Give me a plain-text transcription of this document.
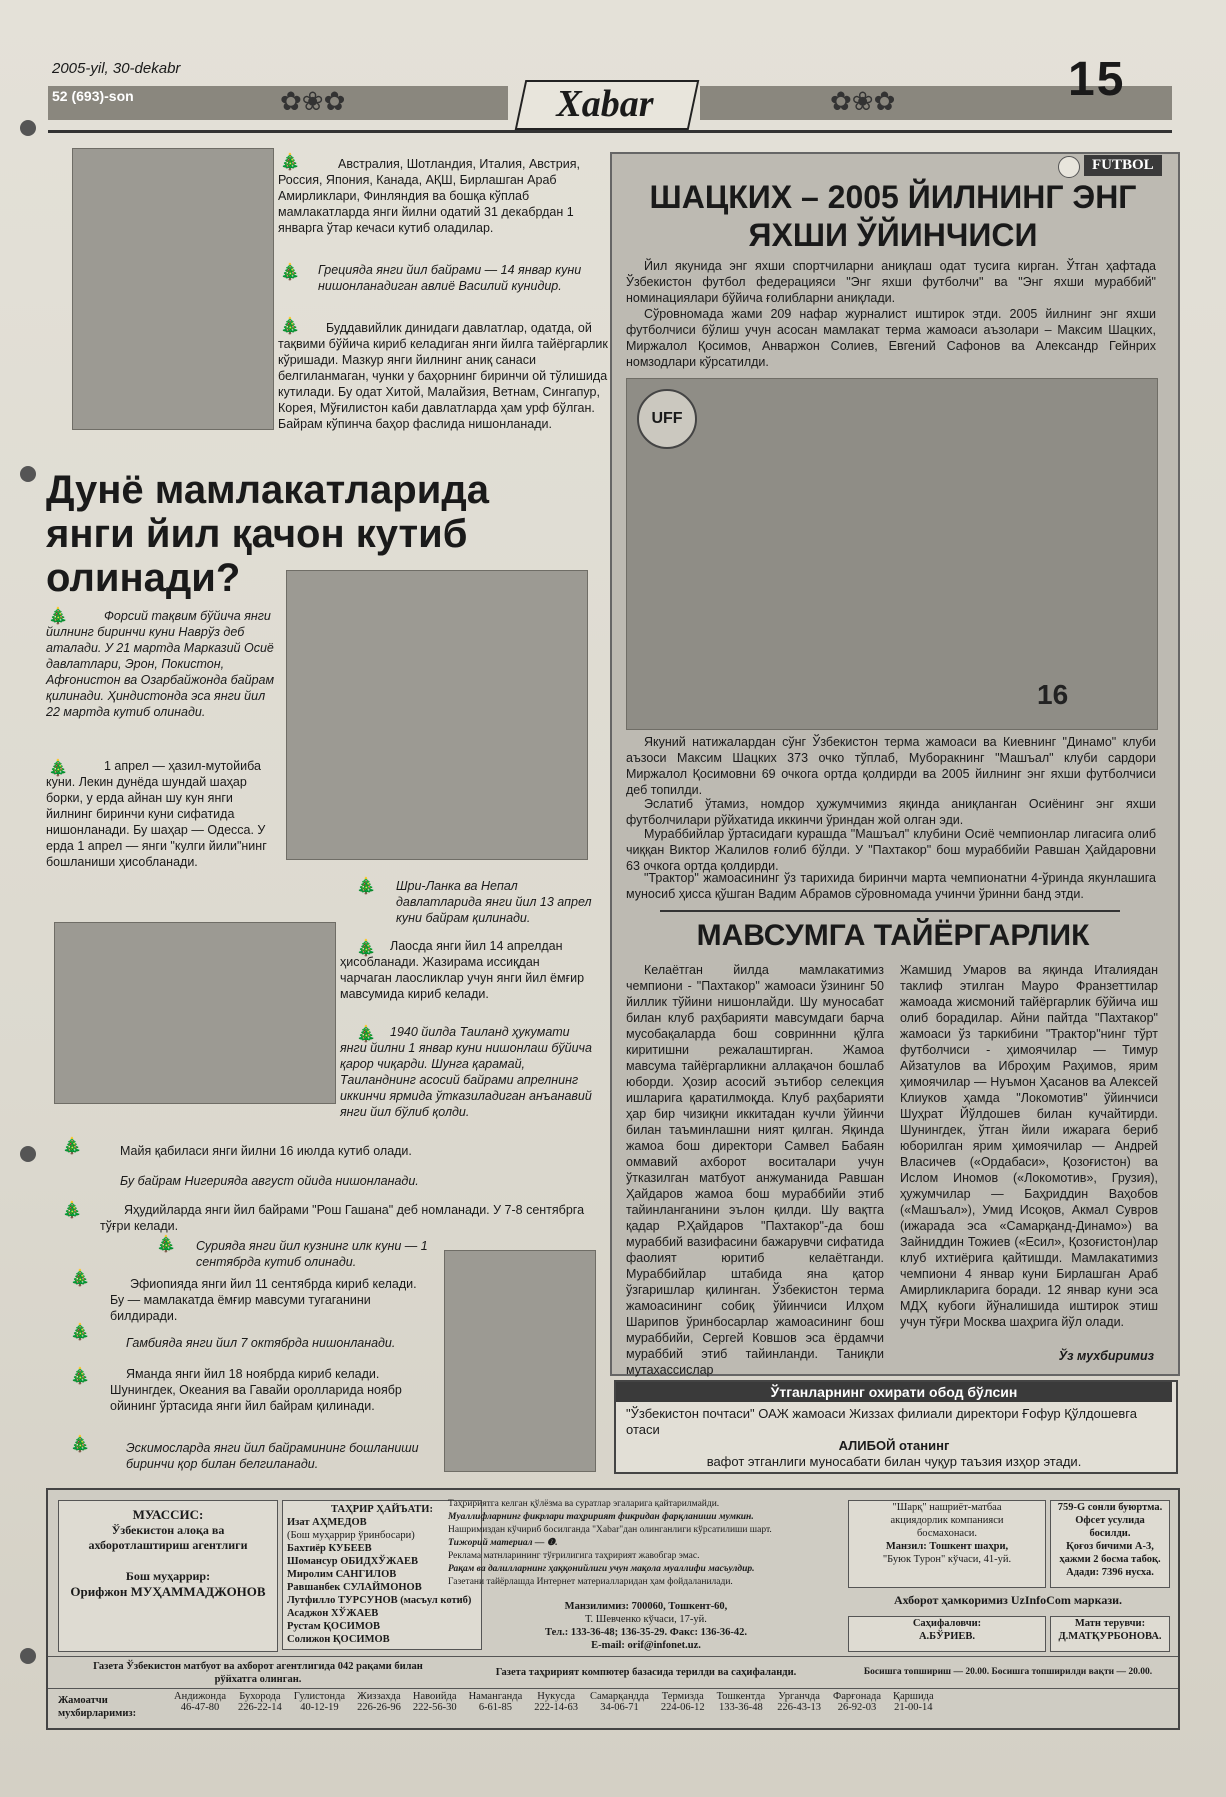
✿❀✿	✿❀✿
2005-yil, 30-dekabr
52 (693)-son	Xabar	15
🎄	Австралия, Шотландия, Италия, Австрия, Россия, Япония, Канада, АҚШ, Бирлашган Араб Амирликлари, Финляндия ва бошқа кўплаб мамлакатларда янги йилни одатий 31 декабрдан 1 январга ўтар кечаси кутиб оладилар.
🎄	Грецияда янги йил байрами — 14 январ куни нишонланадиган авлиё Василий кунидир.
🎄	Буддавийлик динидаги давлатлар, одатда, ой тақвими бўйича кириб келадиган янги йилга тайёргарлик кўришади. Мазкур янги йилнинг аниқ санаси белгиланмаган, чунки у баҳорнинг биринчи ой тўлишида кутилади. Бу одат Хитой, Малайзия, Ветнам, Сингапур, Корея, Мўғилистон каби давлатларда ҳам урф бўлган. Байрам кўпинча баҳор фаслида нишонланади.
Дунё мамлакатларида янги йил қачон кутиб олинади?
🎄	Форсий тақвим бўйича янги йилнинг биринчи куни Наврўз деб аталади. У 21 мартда Марказий Осиё давлатлари, Эрон, Покистон, Афғонистон ва Озарбайжонда байрам қилинади. Ҳиндистонда эса янги йил 22 мартда кутиб олинади.
🎄	1 апрел — ҳазил-мутойиба куни. Лекин дунёда шундай шаҳар борки, у ерда айнан шу кун янги йилнинг биринчи куни сифатида нишонланади. Бу шаҳар — Одесса. У ерда 1 апрел — янги "кулги йили"нинг бошланиши ҳисобланади.
🎄	Шри-Ланка ва Непал давлатларида янги йил 13 апрел куни байрам қилинади.
🎄	Лаосда янги йил 14 апрелдан ҳисобланади. Жазирама иссиқдан чарчаган лаосликлар учун янги йил ёмғир мавсумида кириб келади.
🎄	1940 йилда Таиланд ҳукумати янги йилни 1 январ куни нишонлаш бўйича қарор чиқарди. Шунга қарамай, Таиланднинг асосий байрами апрелнинг иккинчи ярмида ўтказиладиган анъанавий янги йил бўлиб қолди.
🎄	Майя қабиласи янги йилни 16 июлда кутиб олади.
Бу байрам Нигерияда август ойида нишонланади.
🎄	Яҳудийларда янги йил байрами "Рош Гашана" деб номланади. У 7-8 сентябрга тўғри келади.
🎄	Сурияда янги йил кузнинг илк куни — 1 сентябрда кутиб олинади.
🎄	Эфиопияда янги йил 11 сентябрда кириб келади. Бу — мамлакатда ёмғир мавсуми тугаганини билдиради.
🎄
Гамбияда янги йил 7 октябрда нишонланади.
🎄	Ямандa янги йил 18 ноябрда кириб келади. Шунингдек, Океания ва Гавайи оролларида ноябр ойининг ўртасида янги йил байрам қилинади.
🎄	Эскимосларда янги йил байрамининг бошланиши биринчи қор билан белгиланади.
FUTBOL
ШАЦКИХ – 2005 ЙИЛНИНГ ЭНГ ЯХШИ ЎЙИНЧИСИ
Йил якунида энг яхши спортчиларни аниқлаш одат тусига кирган. Ўтган ҳафтада Ўзбекистон футбол федерацияси "Энг яхши футболчи" ва "Энг яхши мураббий" номинациялари бўйича ғолибларни аниқлади.
Сўровномада жами 209 нафар журналист иштирок этди. 2005 йилнинг энг яхши футболчиси бўлиш учун асосан мамлакат терма жамоаси аъзолари – Максим Шацких, Миржалол Қосимов, Анваржон Солиев, Евгений Сафонов ва Александр Гейнрих номзодлари кўрсатилди.
UFF
16
Якуний натижалардан сўнг Ўзбекистон терма жамоаси ва Киевнинг "Динамо" клуби аъзоси Максим Шацких 373 очко тўплаб, Муборакнинг "Машъал" клуби сардори Миржалол Қосимовни 69 очкога ортда қолдирди ва 2005 йилнинг энг яхши футболчиси деб топилди.
Эслатиб ўтамиз, номдор ҳужумчимиз яқинда аниқланган Осиёнинг энг яхши футболчилари рўйхатида иккинчи ўриндан жой олган эди.
Мураббийлар ўртасидаги курашда "Машъал" клубини Осиё чемпионлар лигасига олиб чиққан Виктор Жалилов ғолиб бўлди. У "Пахтакор" бош мураббийи Равшан Ҳайдаровни 63 очкога ортда қолдирди.
"Трактор" жамоасининг ўз тарихида биринчи марта чемпионатни 4-ўринда якунлашига муносиб ҳисса қўшган Вадим Абрамов сўровномада учинчи ўринни банд этди.
МАВСУМГА ТАЙЁРГАРЛИК
Келаётган йилда мамлакатимиз чемпиони - "Пахтакор" жамоаси ўзининг 50 йиллик тўйини нишонлайди. Шу муносабат билан клуб раҳбарияти мавсумдаги барча мусобақаларда бош совриннни қўлга киритишни режалаштирган. Жамоа мавсума тайёргарликни аллақачон бошлаб юборди. Ҳозир асосий эътибор селекция ишларига қаратилмоқда. Клуб раҳбарияти ҳар бир чизиқни иккитадан кучли ўйинчи билан таъминлашни ният қилган. Яқинда жамоа бош директори Самвел Бабаян оммавий ахборот воситалари учун ўтказилган матбуот анжуманида Равшан Ҳайдаров жамоа бош мураббийи этиб тайинланганини эълон қилди. Шу вақтга қадар Р.Ҳайдаров "Пахтакор"-да бош мураббий вазифасини бажарувчи сифатида фаолият юритиб келаётганди. Мураббийлар штабида яна қатор ўзгаришлар қилинган. Ўзбекистон терма жамоасининг собиқ ўйинчиси Илҳом Шарипов ўринбосарлар жамоасининг бош мураббийи, Сергей Ковшов эса ёрдамчи мураббий этиб тайинланди. Таниқли мутахассислар
Жамшид Умаров ва яқинда Италиядан таклиф этилган Мауро Франзеттилар жамоада жисмоний тайёргарлик бўйича иш олиб борадилар. Айни пайтда "Пахтакор" жамоаси ўз таркибини "Трактор"нинг тўрт футболчиси - ҳимоячилар — Тимур Айзатулов ва Иброҳим Раҳимов, ярим ҳимоячилар — Нуъмон Ҳасанов ва Алексей Клиуков ҳамда "Локомотив" ўйинчиси Шуҳрат Йўлдошев билан кучайтирди. Шунингдек, ўтган йили ижарага бериб юборилган ярим ҳимоячилар — Андрей Власичев («Ордабаси», Қозоғистон) ва Ислом Иномов («Локомотив», Грузия), ҳужумчилар — Баҳриддин Ваҳобов («Машъал»), Умид Исоқов, Акмал Сувров (ижарада эса «Самарқанд-Динамо») ва Зайниддин Тожиев («Есил», Қозоғистон)лар клуб ихтиёрига қайтишди. Мамлакатимиз чемпиони 4 январ куни Бирлашган Араб Амирликларига боради. 12 январ куни эса МДҲ кубоги йўналишида иштирок этиш учун тўғри Москва шаҳрига йўл олади.
Ўз мухбиримиз
Ўтганларнинг охирати обод бўлсин
"Ўзбекистон почтаси" ОАЖ жамоаси Жиззах филиали директори Ғофур Қўлдошевга отаси
АЛИБОЙ отанинг
вафот этганлиги муносабати билан чуқур таъзия изҳор этади.
МУАССИС:
Ўзбекистон алоқа ва ахборотлаштириш агентлиги
Бош муҳаррир:
Орифжон МУҲАММАДЖОНОВ
ТАҲРИР ҲАЙЪАТИ:
Изат АҲМЕДОВ
(Бош муҳаррир ўринбосари)
Бахтиёр КУБЕЕВ
Шомансур ОБИДХЎЖАЕВ
Миролим САНГИЛОВ
Равшанбек СУЛАЙМОНОВ
Лутфилло ТУРСУНОВ (масъул котиб)
Асаджон ХЎЖАЕВ
Рустам ҚОСИМОВ
Солижон ҚОСИМОВ
Таҳририятга келган қўлёзма ва суратлар эгаларига қайтарилмайди.
Муаллифларнинг фикрлари таҳририят фикридан фарқланиши мумкин.
Нашримиздан кўчириб босилганда "Xabar"дан олинганлиги кўрсатилиши шарт.
Тижорий материал — ❶.
Реклама матнларининг тўғрилигига таҳририят жавобгар эмас.
Рақам ва далилларнинг ҳаққонийлиги учун мақола муаллифи масъулдир.
Газетани тайёрлашда Интернет материалларидан ҳам фойдаланилади.
Манзилимиз: 700060, Тошкент-60,
Т. Шевченко кўчаси, 17-уй.
Тел.: 133-36-48; 136-35-29. Факс: 136-36-42.
E-mail: orif@infonet.uz.
"Шарқ" нашриёт-матбаа
акциядорлик компанияси
босмахонаси.
Манзил: Тошкент шаҳри,
"Буюк Турон" кўчаси, 41-уй.
759-G сонли буюртма.
Офсет усулида
босилди.
Қоғоз бичими А-3,
ҳажми 2 босма табоқ.
Адади: 7396 нусха.
Ахборот ҳамкоримиз UzInfoCom маркази.
Саҳифаловчи:
А.БЎРИЕВ.
Матн терувчи:
Д.МАТҚУРБОНОВА.
Газета Ўзбекистон матбуот ва ахборот агентлигида 042 рақами билан рўйхатга олинган.
Газета таҳририят компютер базасида терилди ва саҳифаланди.	Босишга топшириш — 20.00. Босишга топширилди вақти — 20.00.
Жамоатчи мухбирларимиз:
Андижонда	Бухорода	Гулистонда	Жиззахда	Навоийда	Наманганда	Нукусда	Самарқандда	Термизда	Тошкентда	Урганчда	Фарғонада	Қаршида
46-47-80	226-22-14	40-12-19	226-26-96	222-56-30	6-61-85	222-14-63	34-06-71	224-06-12	133-36-48	226-43-13	26-92-03	21-00-14
